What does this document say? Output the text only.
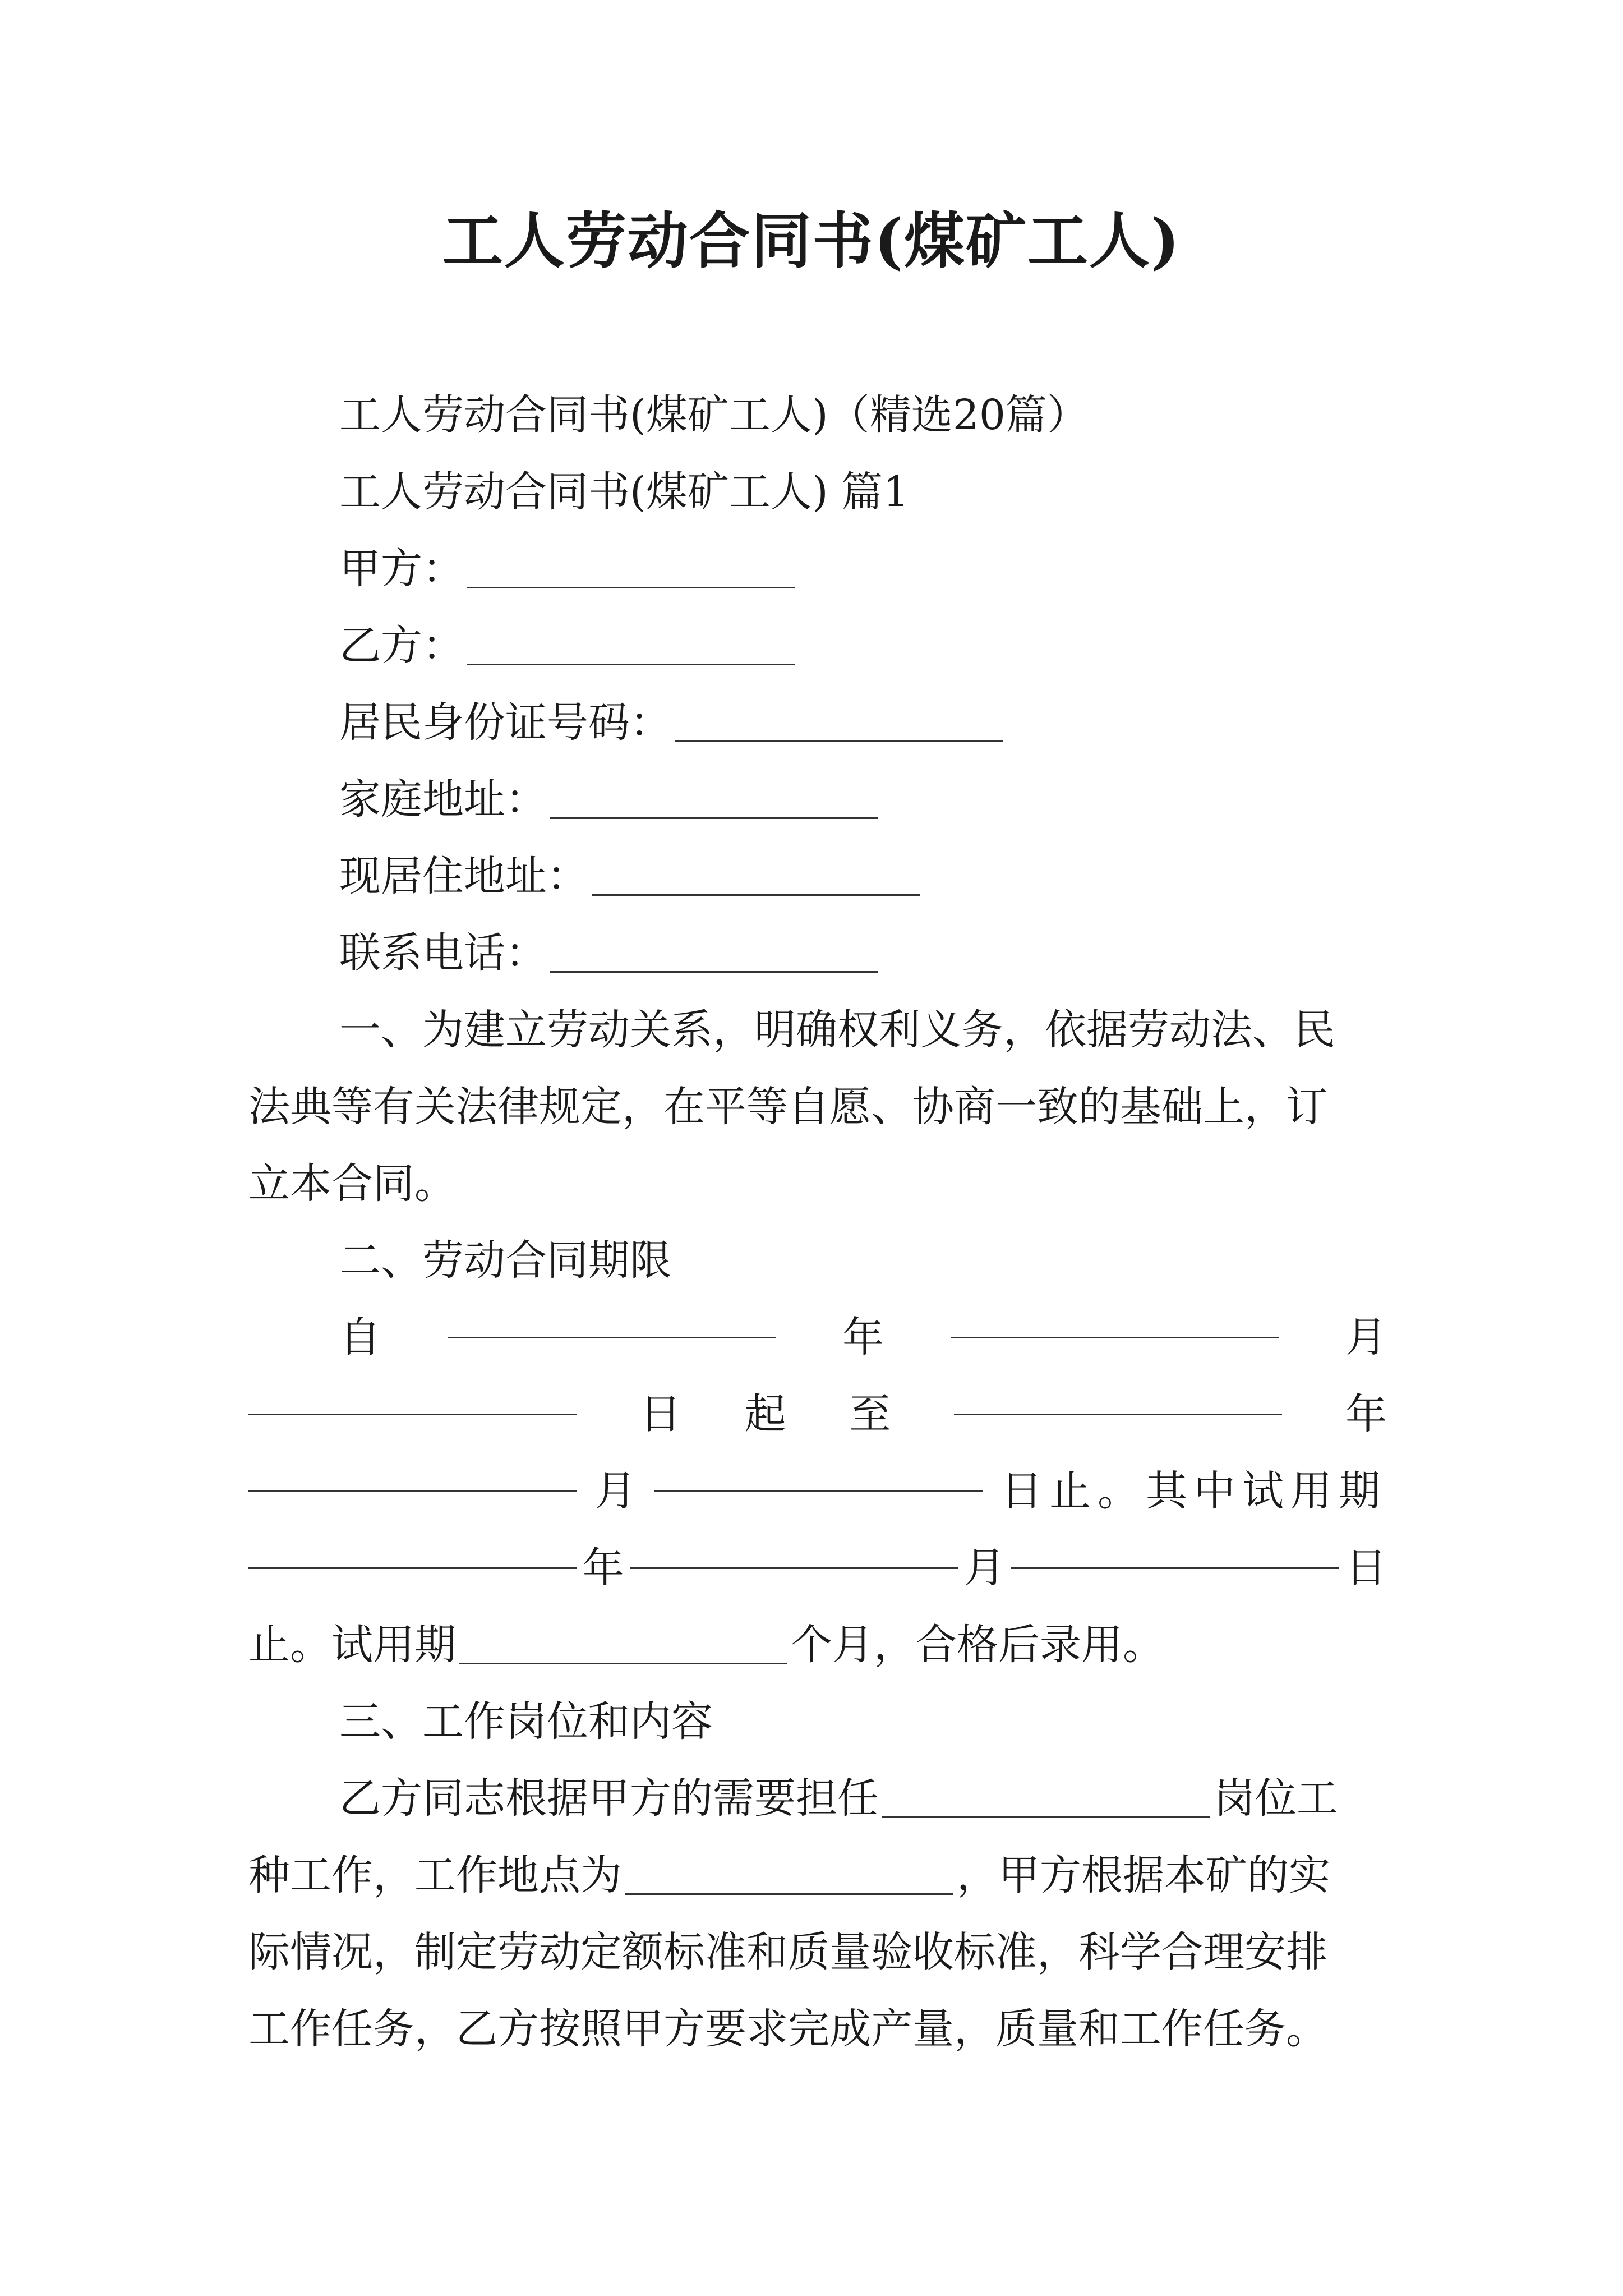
工人劳动合同书(煤矿工人)
工人劳动合同书(煤矿工人)（精选20篇）
工人劳动合同书(煤矿工人) 篇1
甲方：
乙方：
居民身份证号码：
家庭地址：
现居住地址：
联系电话：
一、为建立劳动关系，明确权利义务，依据劳动法、民
法典等有关法律规定，在平等自愿、协商一致的基础上，订
立本合同。
二、劳动合同期限
自	年	月
日 起 至	年
月	日止。其中试用期
年	月	日
止。试用期	个月，合格后录用。
三、工作岗位和内容
乙方同志根据甲方的需要担任	岗位工
种工作，工作地点为	，甲方根据本矿的实
际情况，制定劳动定额标准和质量验收标准，科学合理安排
工作任务，乙方按照甲方要求完成产量，质量和工作任务。
